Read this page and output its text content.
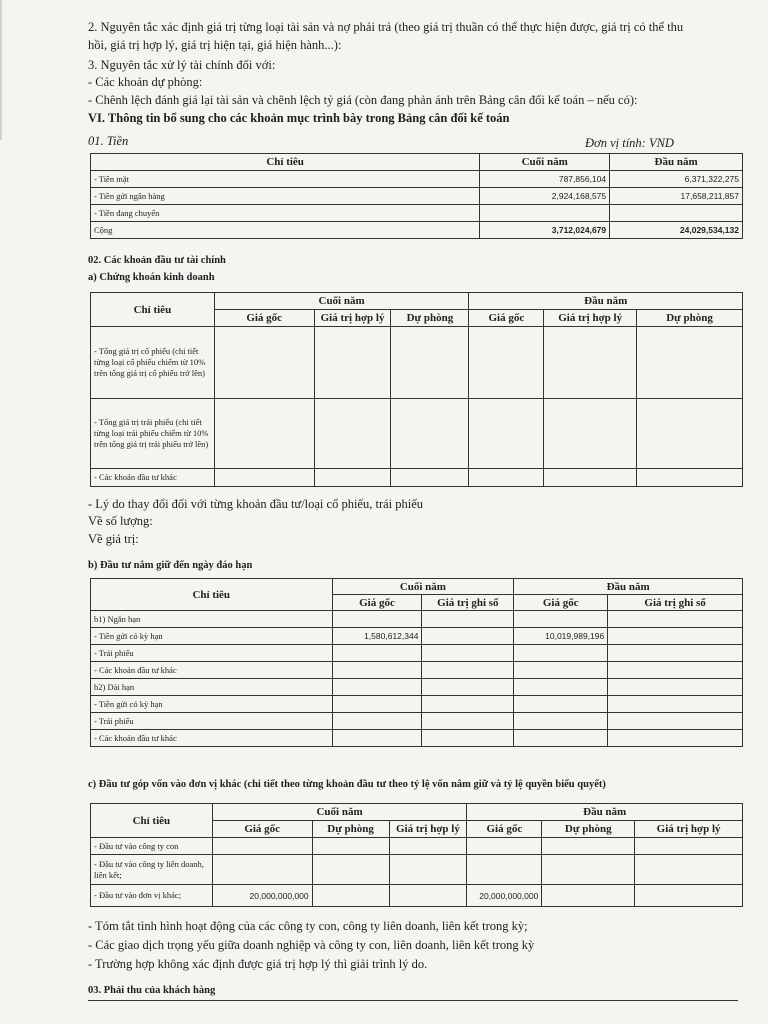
2. Nguyên tắc xác định giá trị từng loại tài sản và nợ phải trả (theo giá trị thuần có thể thực hiện được, giá trị có thể thu
hồi, giá trị hợp lý, giá trị hiện tại, giá hiện hành...):
3. Nguyên tắc xử lý tài chính đối với:
- Các khoản dự phòng:
- Chênh lệch đánh giá lại tài sản và chênh lệch tỷ giá (còn đang phản ánh trên Bảng cân đối kế toán – nếu có):
VI. Thông tin bổ sung cho các khoản mục trình bày trong Bảng cân đối kế toán
01. Tiền	Đơn vị tính: VND
Chỉ tiêu	Cuối năm	Đầu năm
- Tiền mặt	787,856,104	6,371,322,275
- Tiền gửi ngân hàng	2,924,168,575	17,658,211,857
- Tiền đang chuyển		
Cộng	3,712,024,679	24,029,534,132
02. Các khoản đầu tư tài chính
a) Chứng khoán kinh doanh
Chỉ tiêu	Cuối năm			Đầu năm		
	Giá gốc	Giá trị hợp lý	Dự phòng	Giá gốc	Giá trị hợp lý	Dự phòng
- Tổng giá trị cổ phiếu (chi tiết từng loại cổ phiếu chiếm từ 10% trên tổng giá trị cổ phiếu trở lên)						
- Tổng giá trị trái phiếu (chi tiết từng loại trái phiếu chiếm từ 10% trên tổng giá trị trái phiếu trở lên)						
- Các khoản đầu tư khác						
- Lý do thay đổi đối với từng khoản đầu tư/loại cổ phiếu, trái phiếu
Về số lượng:
Về giá trị:
b) Đầu tư nắm giữ đến ngày đáo hạn
Chỉ tiêu	Cuối năm		Đầu năm	
	Giá gốc	Giá trị ghi sổ	Giá gốc	Giá trị ghi sổ
b1) Ngắn hạn				
- Tiền gửi có kỳ hạn	1,580,612,344		10,019,989,196	
- Trái phiếu				
- Các khoản đầu tư khác				
b2) Dài hạn				
- Tiền gửi có kỳ hạn				
- Trái phiếu				
- Các khoản đầu tư khác				
c) Đầu tư góp vốn vào đơn vị khác (chi tiết theo từng khoản đầu tư theo tỷ lệ vốn nắm giữ và tỷ lệ quyền biểu quyết)
Chỉ tiêu	Cuối năm			Đầu năm		
	Giá gốc	Dự phòng	Giá trị hợp lý	Giá gốc	Dự phòng	Giá trị hợp lý
- Đầu tư vào công ty con						
- Đầu tư vào công ty liên doanh, liên kết;						
- Đầu tư vào đơn vị khác;	20,000,000,000			20,000,000,000		
- Tóm tắt tình hình hoạt động của các công ty con, công ty liên doanh, liên kết trong kỳ;
- Các giao dịch trọng yếu giữa doanh nghiệp và công ty con, liên doanh, liên kết trong kỳ
- Trường hợp không xác định được giá trị hợp lý thì giải trình lý do.
03. Phải thu của khách hàng
